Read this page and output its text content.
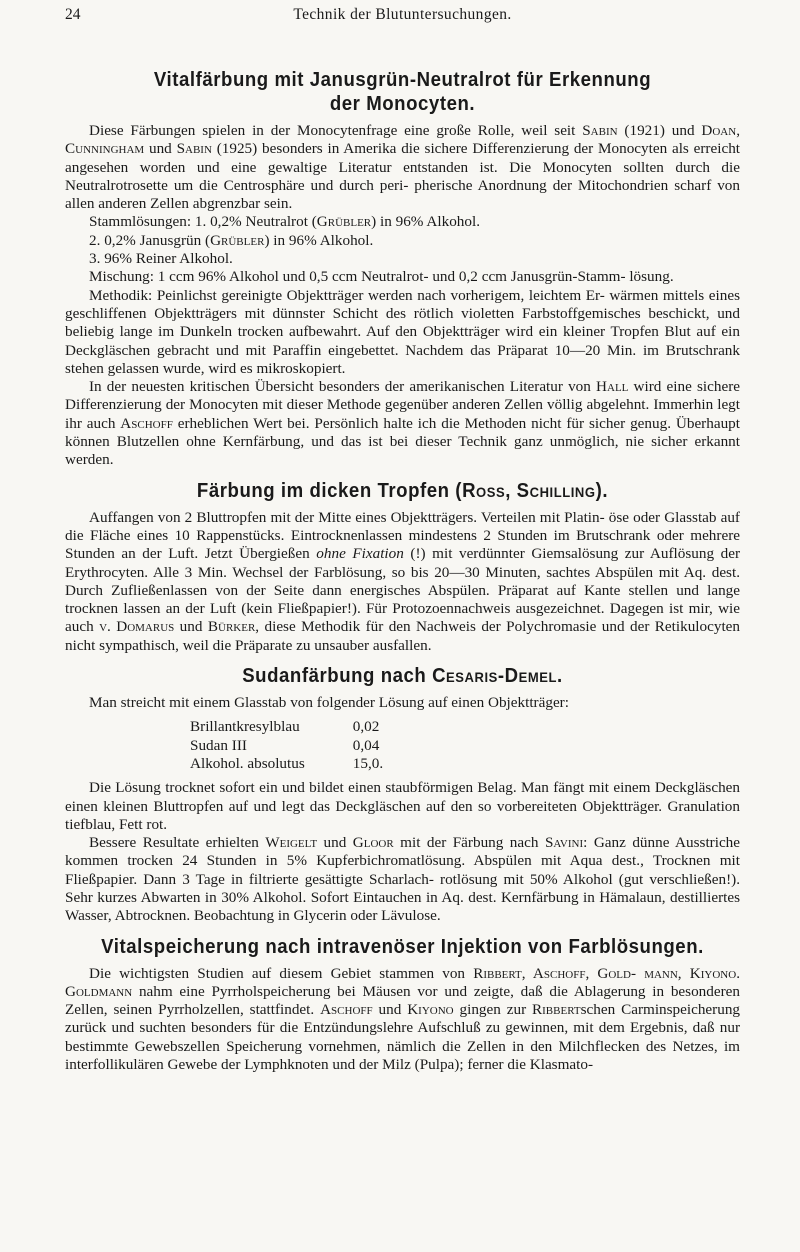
24	Technik der Blutuntersuchungen.
Vitalfärbung mit Janusgrün-Neutralrot für Erkennung
der Monocyten.

Diese Färbungen spielen in der Monocytenfrage eine große Rolle, weil seit Sabin (1921) und Doan, Cunningham und Sabin (1925) besonders in Amerika die sichere Differenzierung der Monocyten als erreicht angesehen worden und eine gewaltige Literatur entstanden ist. Die Monocyten sollten durch die Neutralrotrosette um die Centrosphäre und durch peri- pherische Anordnung der Mitochondrien scharf von allen anderen Zellen abgrenzbar sein.

Stammlösungen: 1. 0,2% Neutralrot (Grübler) in 96% Alkohol.

2. 0,2% Janusgrün (Grübler) in 96% Alkohol.

3. 96% Reiner Alkohol.

Mischung: 1 ccm 96% Alkohol und 0,5 ccm Neutralrot- und 0,2 ccm Janusgrün-Stamm- lösung.

Methodik: Peinlichst gereinigte Objektträger werden nach vorherigem, leichtem Er- wärmen mittels eines geschliffenen Objektträgers mit dünnster Schicht des rötlich violetten Farbstoffgemisches beschickt, und beliebig lange im Dunkeln trocken aufbewahrt. Auf den Objektträger wird ein kleiner Tropfen Blut auf ein Deckgläschen gebracht und mit Paraffin eingebettet. Nachdem das Präparat 10—20 Min. im Brutschrank stehen gelassen wurde, wird es mikroskopiert.

In der neuesten kritischen Übersicht besonders der amerikanischen Literatur von Hall wird eine sichere Differenzierung der Monocyten mit dieser Methode gegenüber anderen Zellen völlig abgelehnt. Immerhin legt ihr auch Aschoff erheblichen Wert bei. Persönlich halte ich die Methoden nicht für sicher genug. Überhaupt können Blutzellen ohne Kernfärbung, und das ist bei dieser Technik ganz unmöglich, nie sicher erkannt werden.

Färbung im dicken Tropfen (Ross, Schilling).

Auffangen von 2 Bluttropfen mit der Mitte eines Objektträgers. Verteilen mit Platin- öse oder Glasstab auf die Fläche eines 10 Rappenstücks. Eintrocknenlassen mindestens 2 Stunden im Brutschrank oder mehrere Stunden an der Luft. Jetzt Übergießen ohne Fixation (!) mit verdünnter Giemsalösung zur Auflösung der Erythrocyten. Alle 3 Min. Wechsel der Farblösung, so bis 20—30 Minuten, sachtes Abspülen mit Aq. dest. Durch Zufließenlassen von der Seite dann energisches Abspülen. Präparat auf Kante stellen und lange trocknen lassen an der Luft (kein Fließpapier!). Für Protozoennachweis ausgezeichnet. Dagegen ist mir, wie auch v. Domarus und Bürker, diese Methodik für den Nachweis der Polychromasie und der Retikulocyten nicht sympathisch, weil die Präparate zu unsauber ausfallen.

Sudanfärbung nach Cesaris-Demel.

Man streicht mit einem Glasstab von folgender Lösung auf einen Objektträger:

Brillantkresylblau	0,02
Sudan III	0,04
Alkohol. absolutus	15,0.

Die Lösung trocknet sofort ein und bildet einen staubförmigen Belag. Man fängt mit einem Deckgläschen einen kleinen Bluttropfen auf und legt das Deckgläschen auf den so vorbereiteten Objektträger. Granulation tiefblau, Fett rot.

Bessere Resultate erhielten Weigelt und Gloor mit der Färbung nach Savini: Ganz dünne Ausstriche kommen trocken 24 Stunden in 5% Kupferbichromatlösung. Abspülen mit Aqua dest., Trocknen mit Fließpapier. Dann 3 Tage in filtrierte gesättigte Scharlach- rotlösung mit 50% Alkohol (gut verschließen!). Sehr kurzes Abwarten in 30% Alkohol. Sofort Eintauchen in Aq. dest. Kernfärbung in Hämalaun, destilliertes Wasser, Abtrocknen. Beobachtung in Glycerin oder Lävulose.

Vitalspeicherung nach intravenöser Injektion von Farblösungen.

Die wichtigsten Studien auf diesem Gebiet stammen von Ribbert, Aschoff, Gold- mann, Kiyono. Goldmann nahm eine Pyrrholspeicherung bei Mäusen vor und zeigte, daß die Ablagerung in besonderen Zellen, seinen Pyrrholzellen, stattfindet. Aschoff und Kiyono gingen zur Ribbertschen Carminspeicherung zurück und suchten besonders für die Entzündungslehre Aufschluß zu gewinnen, mit dem Ergebnis, daß nur bestimmte Gewebszellen Speicherung vornehmen, nämlich die Zellen in den Milchflecken des Netzes, im interfollikulären Gewebe der Lymphknoten und der Milz (Pulpa); ferner die Klasmato-
